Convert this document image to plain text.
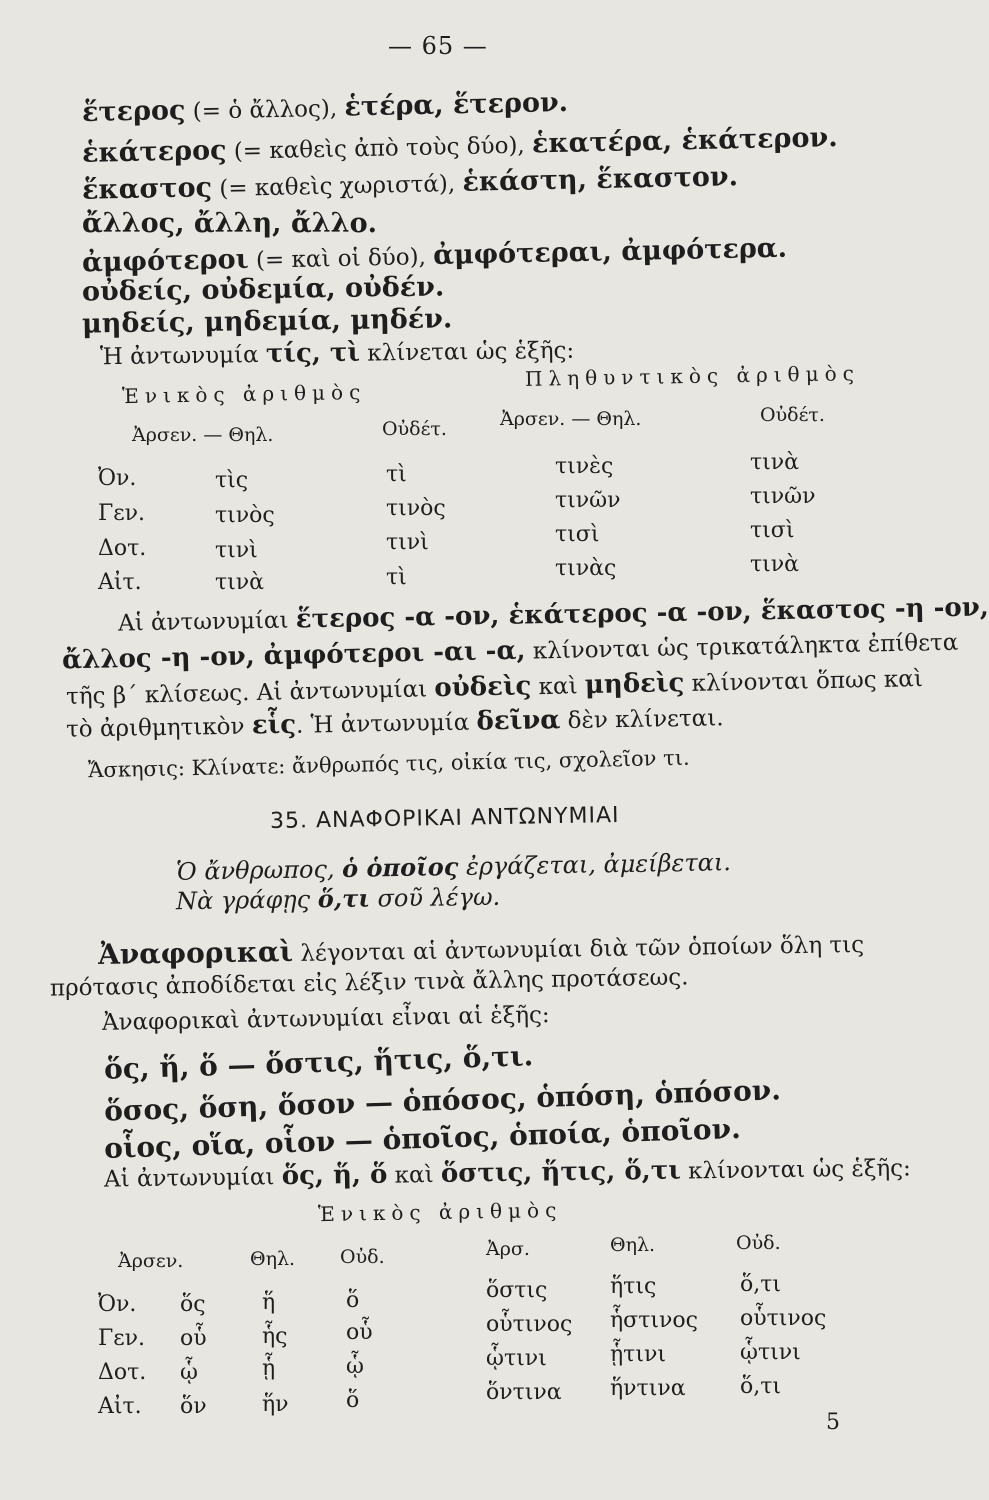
— 65 —
ἕτερος (= ὁ ἄλλος), ἑτέρα, ἕτερον.
ἑκάτερος (= καθεὶς ἀπὸ τοὺς δύο), ἑκατέρα, ἑκάτερον.
ἕκαστος (= καθεὶς χωριστά), ἑκάστη, ἕκαστον.
ἄλλος, ἄλλη, ἄλλο.
ἀμφότεροι (= καὶ οἱ δύο), ἀμφότεραι, ἀμφότερα.
οὐδείς, οὐδεμία, οὐδέν.
μηδείς, μηδεμία, μηδέν.
Ἡ ἀντωνυμία τίς, τὶ κλίνεται ὡς ἑξῆς:
Ἑνικὸς ἀριθμὸς
Πληθυντικὸς ἀριθμὸς
Ἀρσεν. — Θηλ.	Οὐδέτ.	Ἀρσεν. — Θηλ.	Οὐδέτ.
Ὀν.	τὶς	τὶ	τινὲς	τινὰ
Γεν.	τινὸς	τινὸς	τινῶν	τινῶν
Δοτ.	τινὶ	τινὶ	τισὶ	τισὶ
Αἰτ.	τινὰ	τὶ	τινὰς	τινὰ
Αἱ ἀντωνυμίαι ἕτερος -α -ον, ἑκάτερος -α -ον, ἕκαστος -η -ον,
ἄλλος -η -ον, ἀμφότεροι -αι -α, κλίνονται ὡς τρικατάληκτα ἐπίθετα
τῆς β΄ κλίσεως. Αἱ ἀντωνυμίαι οὐδεὶς καὶ μηδεὶς κλίνονται ὅπως καὶ
τὸ ἀριθμητικὸν εἷς. Ἡ ἀντωνυμία δεῖνα δὲν κλίνεται.
Ἄσκησις: Κλίνατε: ἄνθρωπός τις, οἰκία τις, σχολεῖον τι.
35. ΑΝΑΦΟΡΙΚΑΙ ΑΝΤΩΝΥΜΙΑΙ
Ὁ ἄνθρωπος, ὁ ὁποῖος ἐργάζεται, ἀμείβεται.
Νὰ γράφῃς ὅ,τι σοῦ λέγω.
Ἀναφορικαὶ λέγονται αἱ ἀντωνυμίαι διὰ τῶν ὁποίων ὅλη τις
πρότασις ἀποδίδεται εἰς λέξιν τινὰ ἄλλης προτάσεως.
Ἀναφορικαὶ ἀντωνυμίαι εἶναι αἱ ἑξῆς:
ὅς, ἥ, ὅ — ὅστις, ἥτις, ὅ,τι.
ὅσος, ὅση, ὅσον — ὁπόσος, ὁπόση, ὁπόσον.
οἷος, οἵα, οἷον — ὁποῖος, ὁποία, ὁποῖον.
Αἱ ἀντωνυμίαι ὅς, ἥ, ὅ καὶ ὅστις, ἥτις, ὅ,τι κλίνονται ὡς ἑξῆς:
Ἑνικὸς ἀριθμὸς
Ἀρσεν.	Θηλ. Οὐδ.	Ἀρσ.	Θηλ.	Οὐδ.
Ὀν. ὅς	ἥ	ὅ	ὅστις	ἥτις	ὅ,τι
Γεν. οὗ	ἧς	οὗ	οὗτινος ἧστινος οὗτινος
Δοτ. ᾧ	ᾗ	ᾧ	ᾧτινι	ᾗτινι	ᾧτινι
Αἰτ. ὅν	ἥν	ὅ	ὅντινα ἥντινα ὅ,τι
5
